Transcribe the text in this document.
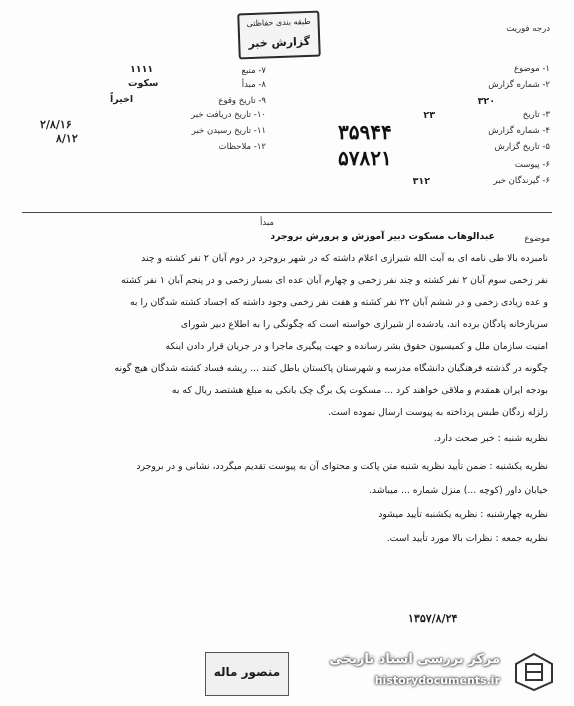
درجه فوریت
طبقه بندی حفاظتی
گزارش خبر
۱- موضوع
۲- شماره گزارش
۳۲۰
۳- تاریخ
۲۳
۴- شماره گزارش
۵- تاریخ گزارش
۶- پیوست
۶- گیرندگان خبر
۳۱۲
۳۵۹۴۴
۵۷۸۲۱
۷- منبع
۱۱۱۱
۸- مبدأ
سکوت
۹- تاریخ وقوع
اخیراً
۱۰- تاریخ دریافت خبر
۱۱- تاریخ رسیدن خبر
۱۲- ملاحظات
۲/۸/۱۶
۸/۱۲
مبدأ
موضوع
عبدالوهاب مسکوت دبیر آموزش و پرورش بروجرد
نامبرده بالا طی نامه ای به آیت الله شیرازی اعلام داشته که در شهر بروجرد در دوم آبان ۲ نفر کشته و چند
نفر زخمی سوم آبان ۲ نفر کشته و چند نفر زخمی و چهارم آبان عده ای بسیار زخمی و در پنجم آبان ۱ نفر کشته
و عده زیادی زخمی و در ششم آبان ۲۲ نفر کشته و هفت نفر زخمی وجود داشته که اجساد کشته شدگان را به
سربازخانه پادگان برده اند، یادشده از شیرازی خواسته است که چگونگی را به اطلاع دبیر شورای
امنیت سازمان ملل و کمیسیون حقوق بشر رسانده و جهت پیگیری ماجرا و در جریان قرار دادن اینکه
چگونه در گذشته فرهنگیان دانشگاه مدرسه و شهرستان پاکستان باطل کنند ... ریشه فساد کشته شدگان هیچ گونه
بودجه ایران همقدم و ملاقی خواهند کرد ... مسکوت یک برگ چک بانکی به مبلغ هشتصد ریال که به
زلزله زدگان طبس پرداخته به پیوست ارسال نموده است.
نظریه شنبه : خبر صحت دارد.
نظریه یکشنبه : ضمن تأیید نظریه شنبه متن پاکت و محتوای آن به پیوست تقدیم میگردد، نشانی و در بروجرد
خیابان داور (کوچه ...) منزل شماره ... میباشد.
نظریه چهارشنبه : نظریه یکشنبه تأیید میشود
نظریه جمعه : نظرات بالا مورد تأیید است.
۱۳۵۷/۸/۲۴
منصور ماله
مرکز بررسی اسناد تاریخی
historydocuments.ir
